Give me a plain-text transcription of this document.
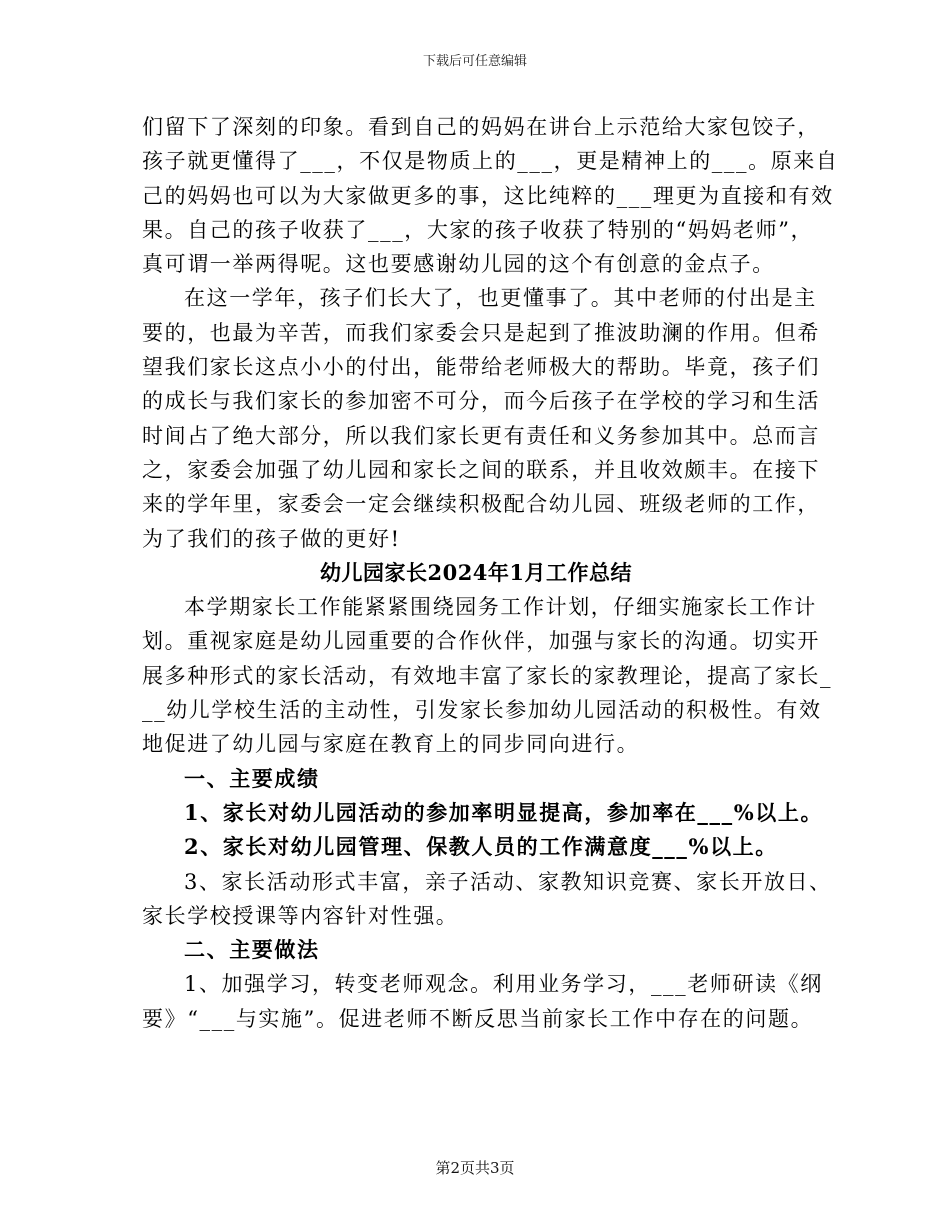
下载后可任意编辑
们留下了深刻的印象。看到自己的妈妈在讲台上示范给大家包饺子，
孩子就更懂得了___，不仅是物质上的___，更是精神上的___。原来自
己的妈妈也可以为大家做更多的事，这比纯粹的___理更为直接和有效
果。自己的孩子收获了___，大家的孩子收获了特别的“妈妈老师”，
真可谓一举两得呢。这也要感谢幼儿园的这个有创意的金点子。
在这一学年，孩子们长大了，也更懂事了。其中老师的付出是主
要的，也最为辛苦，而我们家委会只是起到了推波助澜的作用。但希
望我们家长这点小小的付出，能带给老师极大的帮助。毕竟，孩子们
的成长与我们家长的参加密不可分，而今后孩子在学校的学习和生活
时间占了绝大部分，所以我们家长更有责任和义务参加其中。总而言
之，家委会加强了幼儿园和家长之间的联系，并且收效颇丰。在接下
来的学年里，家委会一定会继续积极配合幼儿园、班级老师的工作，
为了我们的孩子做的更好!
幼儿园家长2024年1月工作总结
本学期家长工作能紧紧围绕园务工作计划，仔细实施家长工作计
划。重视家庭是幼儿园重要的合作伙伴，加强与家长的沟通。切实开
展多种形式的家长活动，有效地丰富了家长的家教理论，提高了家长_
__幼儿学校生活的主动性，引发家长参加幼儿园活动的积极性。有效
地促进了幼儿园与家庭在教育上的同步同向进行。
一、主要成绩
1、家长对幼儿园活动的参加率明显提高，参加率在___%以上。
2、家长对幼儿园管理、保教人员的工作满意度___%以上。
3、家长活动形式丰富，亲子活动、家教知识竞赛、家长开放日、
家长学校授课等内容针对性强。
二、主要做法
1、加强学习，转变老师观念。利用业务学习，___老师研读《纲
要》“___与实施”。促进老师不断反思当前家长工作中存在的问题。
第2页共3页
